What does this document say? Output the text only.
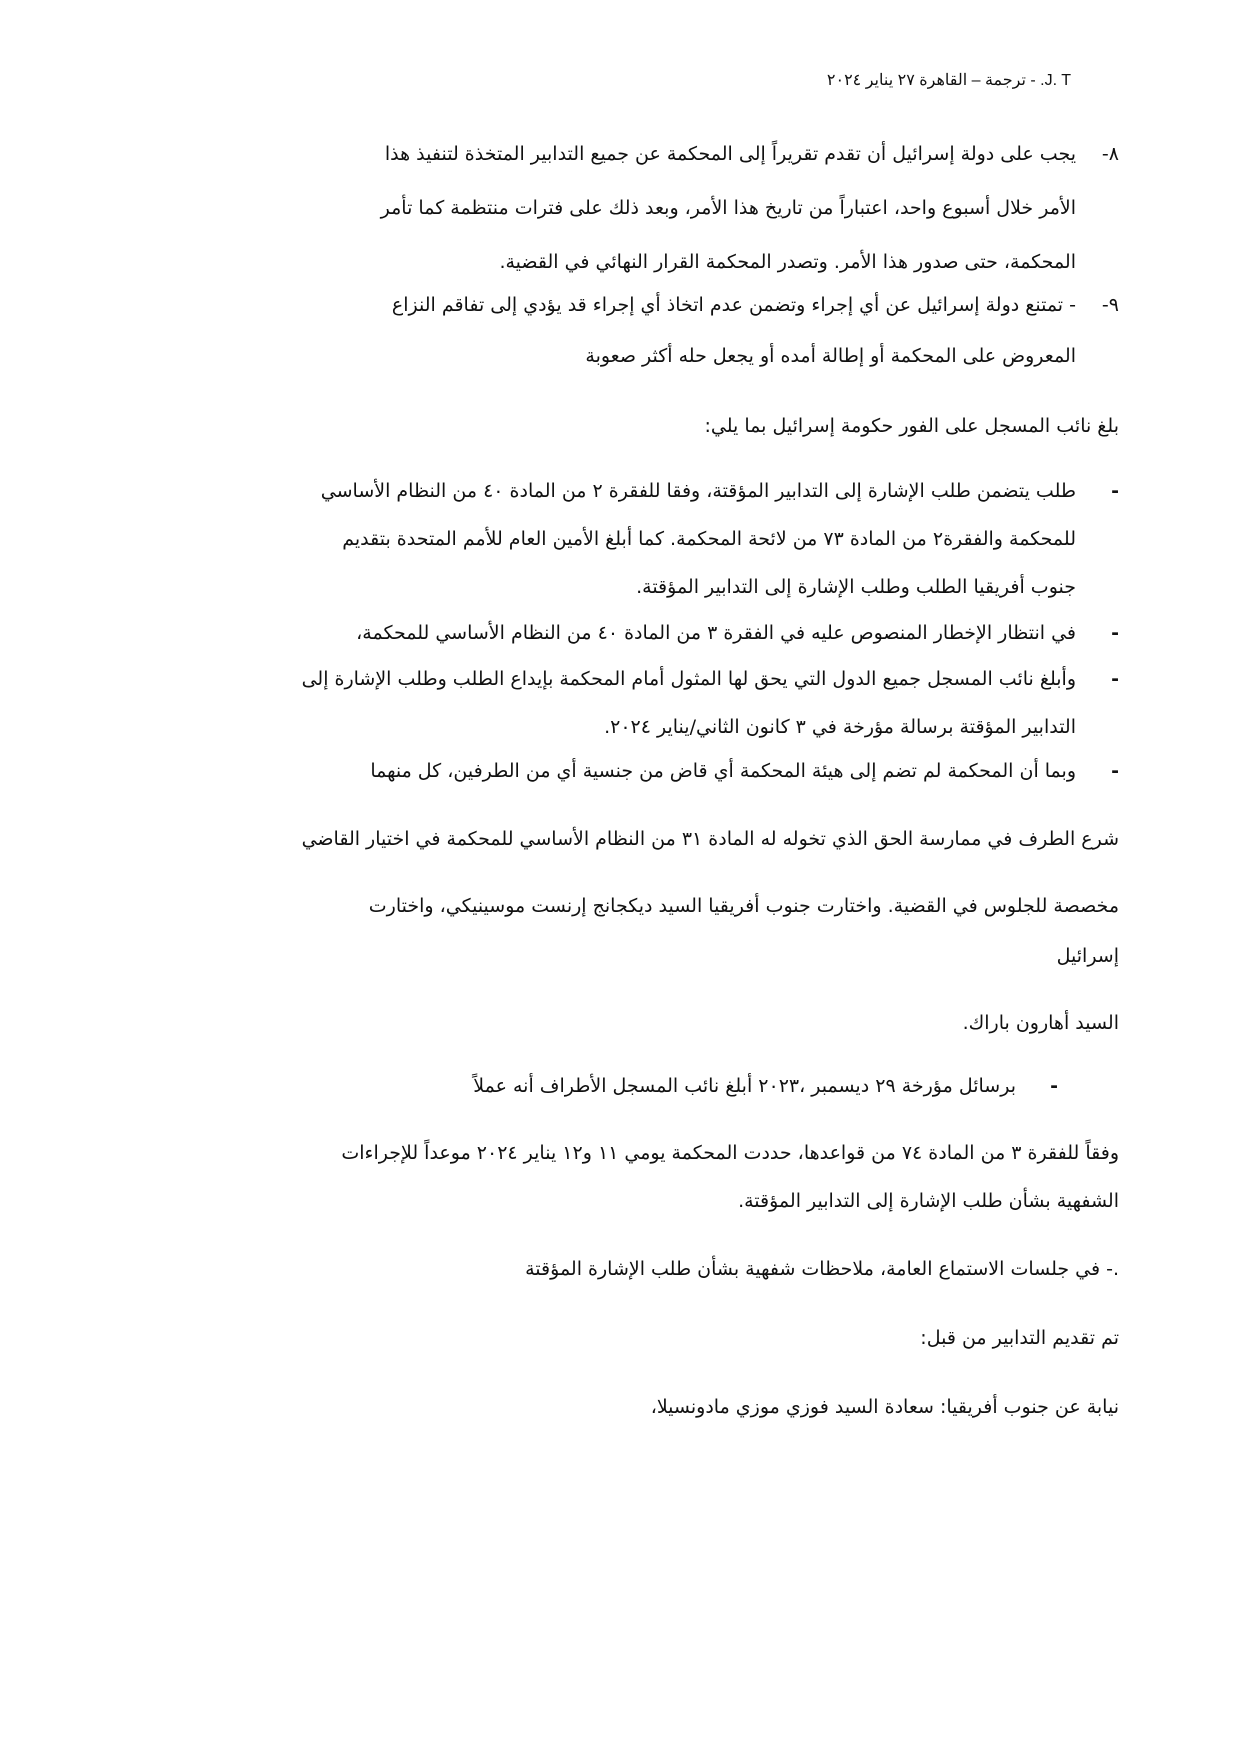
J. T. - ترجمة – القاهرة ٢٧ يناير ٢٠٢٤
٨-
يجب على دولة إسرائيل أن تقدم تقريراً إلى المحكمة عن جميع التدابير المتخذة لتنفيذ هذا
الأمر خلال أسبوع واحد، اعتباراً من تاريخ هذا الأمر، وبعد ذلك على فترات منتظمة كما تأمر
المحكمة، حتى صدور هذا الأمر. وتصدر المحكمة القرار النهائي في القضية.
٩-
- تمتنع دولة إسرائيل عن أي إجراء وتضمن عدم اتخاذ أي إجراء قد يؤدي إلى تفاقم النزاع
المعروض على المحكمة أو إطالة أمده أو يجعل حله أكثر صعوبة
بلغ نائب المسجل على الفور حكومة إسرائيل بما يلي:
-
طلب يتضمن طلب الإشارة إلى التدابير المؤقتة، وفقا للفقرة ٢ من المادة ٤٠ من النظام الأساسي
للمحكمة والفقرة٢ من المادة ٧٣ من لائحة المحكمة. كما أبلغ الأمين العام للأمم المتحدة بتقديم
جنوب أفريقيا الطلب وطلب الإشارة إلى التدابير المؤقتة.
-
في انتظار الإخطار المنصوص عليه في الفقرة ٣ من المادة ٤٠ من النظام الأساسي للمحكمة،
-
وأبلغ نائب المسجل جميع الدول التي يحق لها المثول أمام المحكمة بإيداع الطلب وطلب الإشارة إلى
التدابير المؤقتة برسالة مؤرخة في ٣ كانون الثاني/يناير ٢٠٢٤.
-
وبما أن المحكمة لم تضم إلى هيئة المحكمة أي قاض من جنسية أي من الطرفين، كل منهما
شرع الطرف في ممارسة الحق الذي تخوله له المادة ٣١ من النظام الأساسي للمحكمة في اختيار القاضي
مخصصة للجلوس في القضية. واختارت جنوب أفريقيا السيد ديكجانج إرنست موسينيكي، واختارت
إسرائيل
السيد أهارون باراك.
-
برسائل مؤرخة ٢٩ ديسمبر ،٢٠٢٣ أبلغ نائب المسجل الأطراف أنه عملاً
وفقاً للفقرة ٣ من المادة ٧٤ من قواعدها، حددت المحكمة يومي ١١ و١٢ يناير ٢٠٢٤ موعداً للإجراءات
الشفهية بشأن طلب الإشارة إلى التدابير المؤقتة.
.- في جلسات الاستماع العامة، ملاحظات شفهية بشأن طلب الإشارة المؤقتة
تم تقديم التدابير من قبل:
نيابة عن جنوب أفريقيا: سعادة السيد فوزي موزي مادونسيلا،
